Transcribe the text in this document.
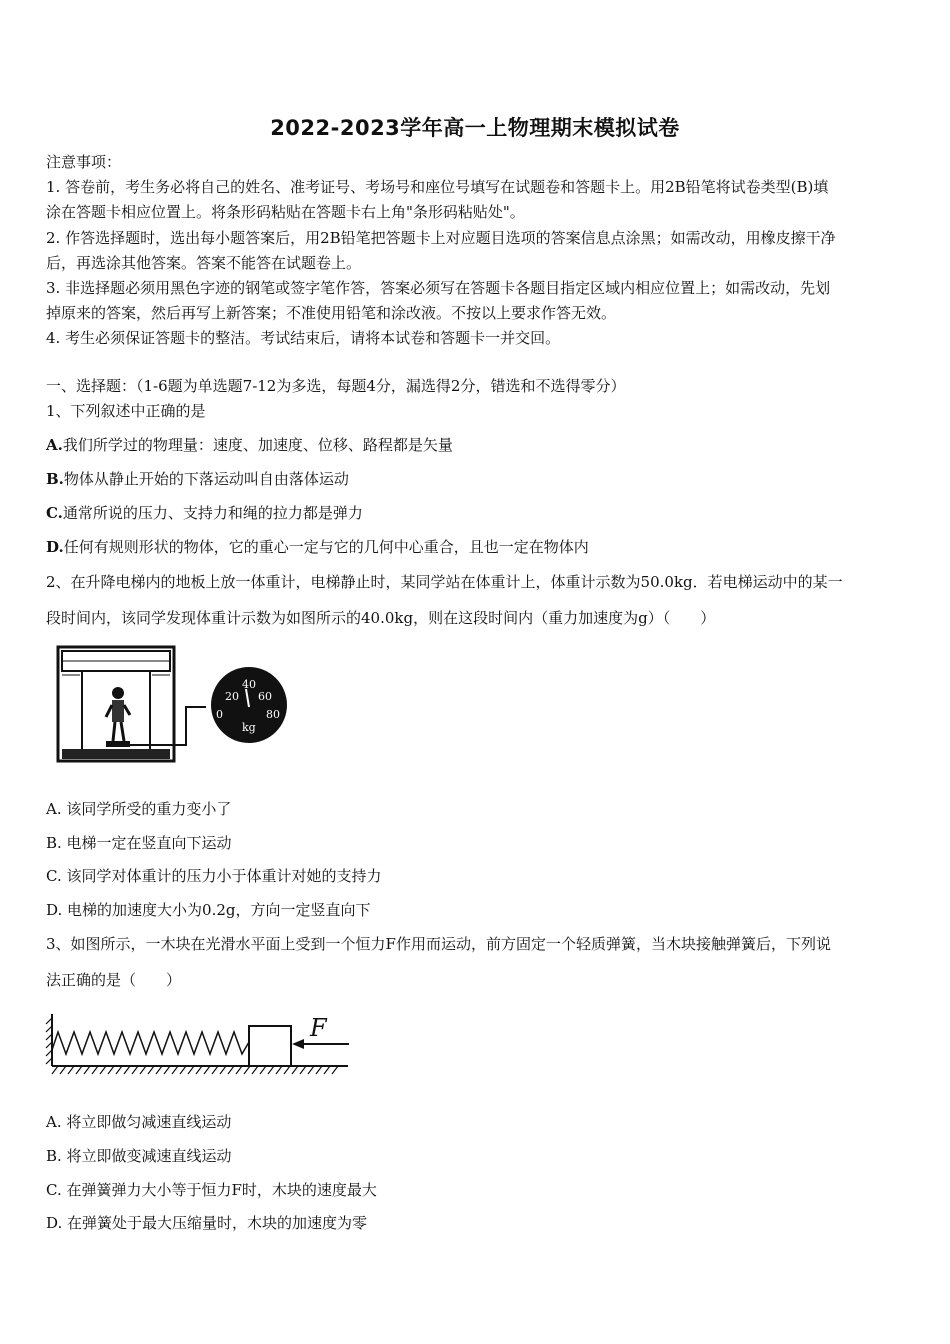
2022-2023学年高一上物理期末模拟试卷
注意事项：
1. 答卷前，考生务必将自己的姓名、准考证号、考场号和座位号填写在试题卷和答题卡上。用2B铅笔将试卷类型(B)填
涂在答题卡相应位置上。将条形码粘贴在答题卡右上角"条形码粘贴处"。
2. 作答选择题时，选出每小题答案后，用2B铅笔把答题卡上对应题目选项的答案信息点涂黑；如需改动，用橡皮擦干净
后，再选涂其他答案。答案不能答在试题卷上。
3. 非选择题必须用黑色字迹的钢笔或签字笔作答，答案必须写在答题卡各题目指定区域内相应位置上；如需改动，先划
掉原来的答案，然后再写上新答案；不准使用铅笔和涂改液。不按以上要求作答无效。
4. 考生必须保证答题卡的整洁。考试结束后，请将本试卷和答题卡一并交回。
一、选择题：（1-6题为单选题7-12为多选，每题4分，漏选得2分，错选和不选得零分）
1、下列叙述中正确的是
A.我们所学过的物理量：速度、加速度、位移、路程都是矢量
B.物体从静止开始的下落运动叫自由落体运动
C.通常所说的压力、支持力和绳的拉力都是弹力
D.任何有规则形状的物体，它的重心一定与它的几何中心重合，且也一定在物体内
2、在升降电梯内的地板上放一体重计，电梯静止时，某同学站在体重计上，体重计示数为50.0kg．若电梯运动中的某一
段时间内，该同学发现体重计示数为如图所示的40.0kg，则在这段时间内（重力加速度为g）（　　）
0
20
40
60
80
kg
A. 该同学所受的重力变小了
B. 电梯一定在竖直向下运动
C. 该同学对体重计的压力小于体重计对她的支持力
D. 电梯的加速度大小为0.2g，方向一定竖直向下
3、如图所示，一木块在光滑水平面上受到一个恒力F作用而运动，前方固定一个轻质弹簧，当木块接触弹簧后，下列说
法正确的是（　　）
F
A. 将立即做匀减速直线运动
B. 将立即做变减速直线运动
C. 在弹簧弹力大小等于恒力F时，木块的速度最大
D. 在弹簧处于最大压缩量时，木块的加速度为零
